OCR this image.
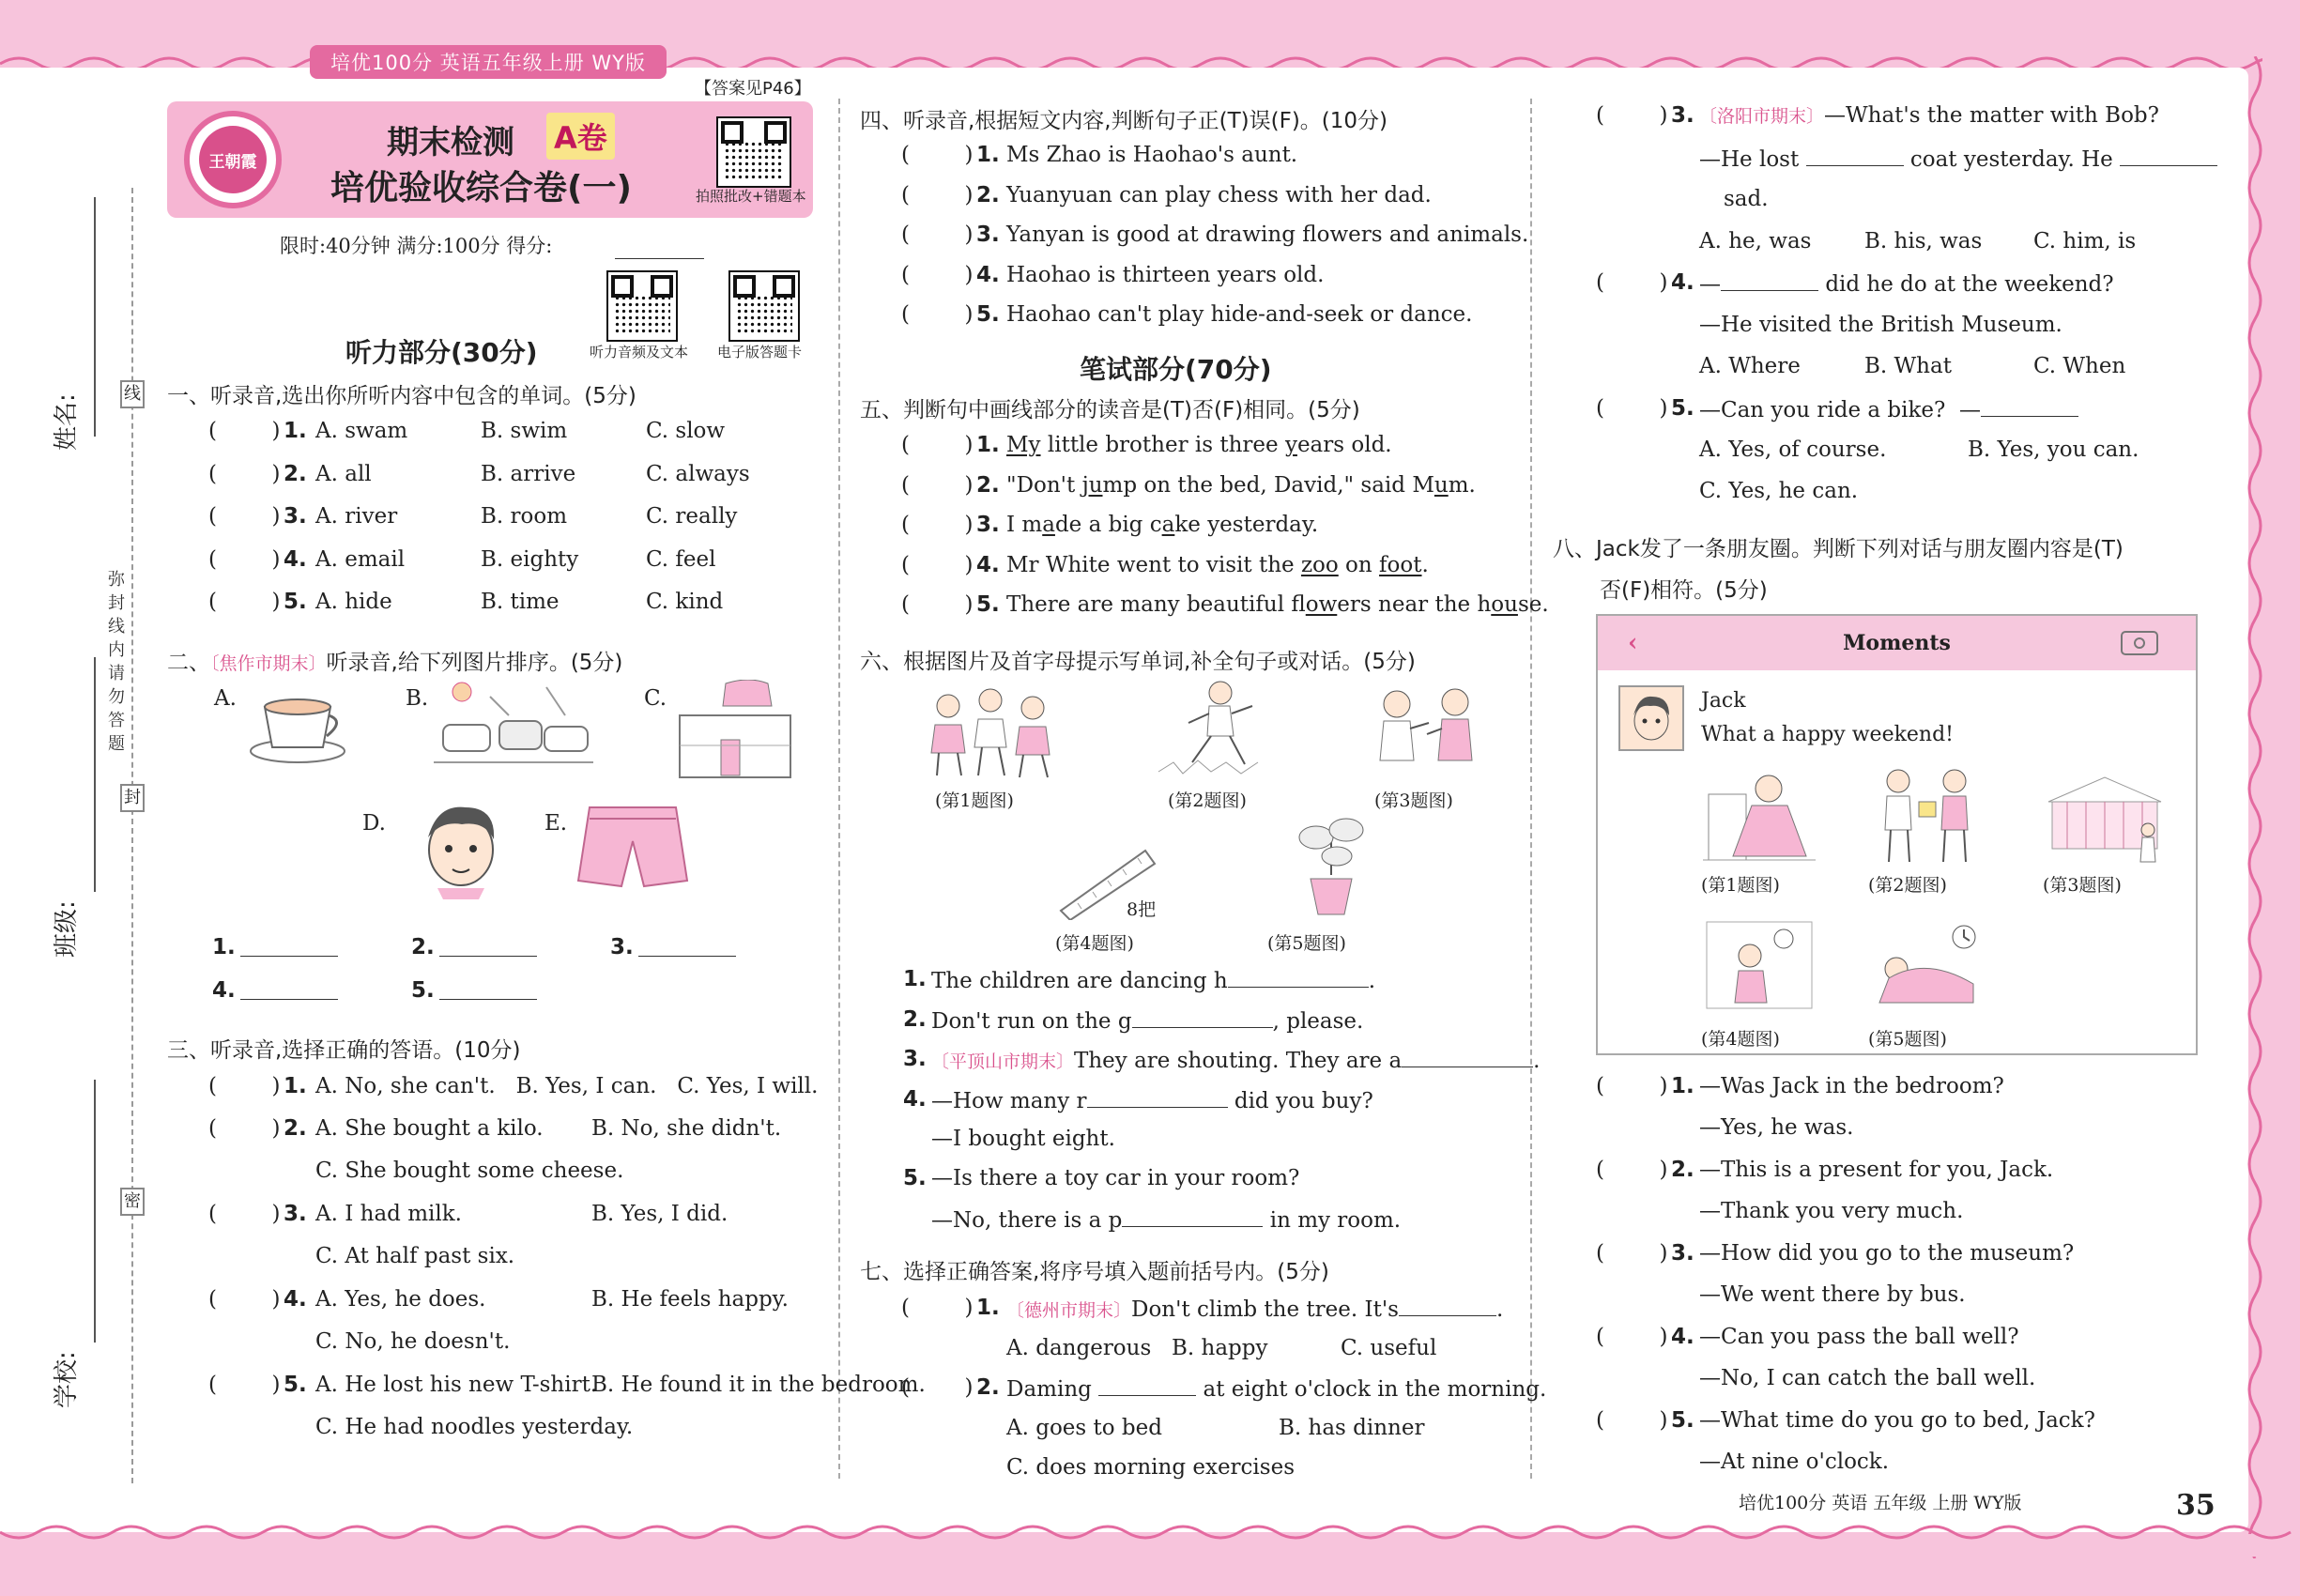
培优100分 英语五年级上册 WY版
姓名:
班级:
学校:
线
封
密
弥封线内请勿答题
【答案见P46】
王朝霞
期末检测 A卷
培优验收综合卷(一)	拍照批改+错题本
限时:40分钟 满分:100分 得分:
听力音频及文本 电子版答题卡
听力部分(30分)
一、听录音,选出你所听内容中包含的单词。(5分)
(        ) 1. A. swam	B. swim	C. slow
(        ) 2. A. all	B. arrive	C. always
(        ) 3. A. river	B. room	C. really
(        ) 4. A. email	B. eighty	C. feel
(        ) 5. A. hide	B. time	C. kind
二、〔焦作市期末〕听录音,给下列图片排序。(5分)
A.	B.	C.
D.	E.
1.	2.	3.
4.	5.
三、听录音,选择正确的答语。(10分)
(        ) 1. A. No, she can't.   B. Yes, I can.   C. Yes, I will.
(        ) 2. A. She bought a kilo. B. No, she didn't.
C. She bought some cheese.
(        ) 3. A. I had milk.	B. Yes, I did.
C. At half past six.
(        ) 4. A. Yes, he does.	B. He feels happy.
C. No, he doesn't.
(        ) 5. A. He lost his new T-shirt.
B. He found it in the bedroom.
C. He had noodles yesterday.
四、听录音,根据短文内容,判断句子正(T)误(F)。(10分)
(        ) 1. Ms Zhao is Haohao's aunt.
(        ) 2. Yuanyuan can play chess with her dad.
(        ) 3. Yanyan is good at drawing flowers and animals.
(        ) 4. Haohao is thirteen years old.
(        ) 5. Haohao can't play hide-and-seek or dance.
笔试部分(70分)
五、判断句中画线部分的读音是(T)否(F)相同。(5分)
(        ) 1. My little brother is three years old.
(        ) 2. "Don't jump on the bed, David," said Mum.
(        ) 3. I made a big cake yesterday.
(        ) 4. Mr White went to visit the zoo on foot.
(        ) 5. There are many beautiful flowers near the house.
六、根据图片及首字母提示写单词,补全句子或对话。(5分)
(第1题图)	(第2题图)	(第3题图)
8把
(第4题图)	(第5题图)
1. The children are dancing h	.
2. Don't run on the g	, please.
3. 〔平顶山市期末〕They are shouting. They are a	.
4. —How many r	did you buy?
—I bought eight.
5. —Is there a toy car in your room?
—No, there is a p	in my room.
七、选择正确答案,将序号填入题前括号内。(5分)
(        ) 1. 〔德州市期末〕Don't climb the tree. It's	.
A. dangerous B. happy	C. useful
(        ) 2. Daming	at eight o'clock in the morning.
A. goes to bed	B. has dinner
C. does morning exercises
(        ) 3. 〔洛阳市期末〕—What's the matter with Bob?
—He lost	coat yesterday. He
sad.
A. he, was B. his, was C. him, is
(        ) 4. —	did he do at the weekend?
—He visited the British Museum.
A. Where	B. What	C. When
(        ) 5. —Can you ride a bike?  —
A. Yes, of course.	B. Yes, you can.
C. Yes, he can.
八、Jack发了一条朋友圈。判断下列对话与朋友圈内容是(T)
否(F)相符。(5分)
‹	Moments
Jack
What a happy weekend!
(第1题图)	(第2题图)	(第3题图)
(第4题图)	(第5题图)
(        ) 1. —Was Jack in the bedroom?
—Yes, he was.
(        ) 2. —This is a present for you, Jack.
—Thank you very much.
(        ) 3. —How did you go to the museum?
—We went there by bus.
(        ) 4. —Can you pass the ball well?
—No, I can catch the ball well.
(        ) 5. —What time do you go to bed, Jack?
—At nine o'clock.
培优100分 英语 五年级 上册 WY版	35
